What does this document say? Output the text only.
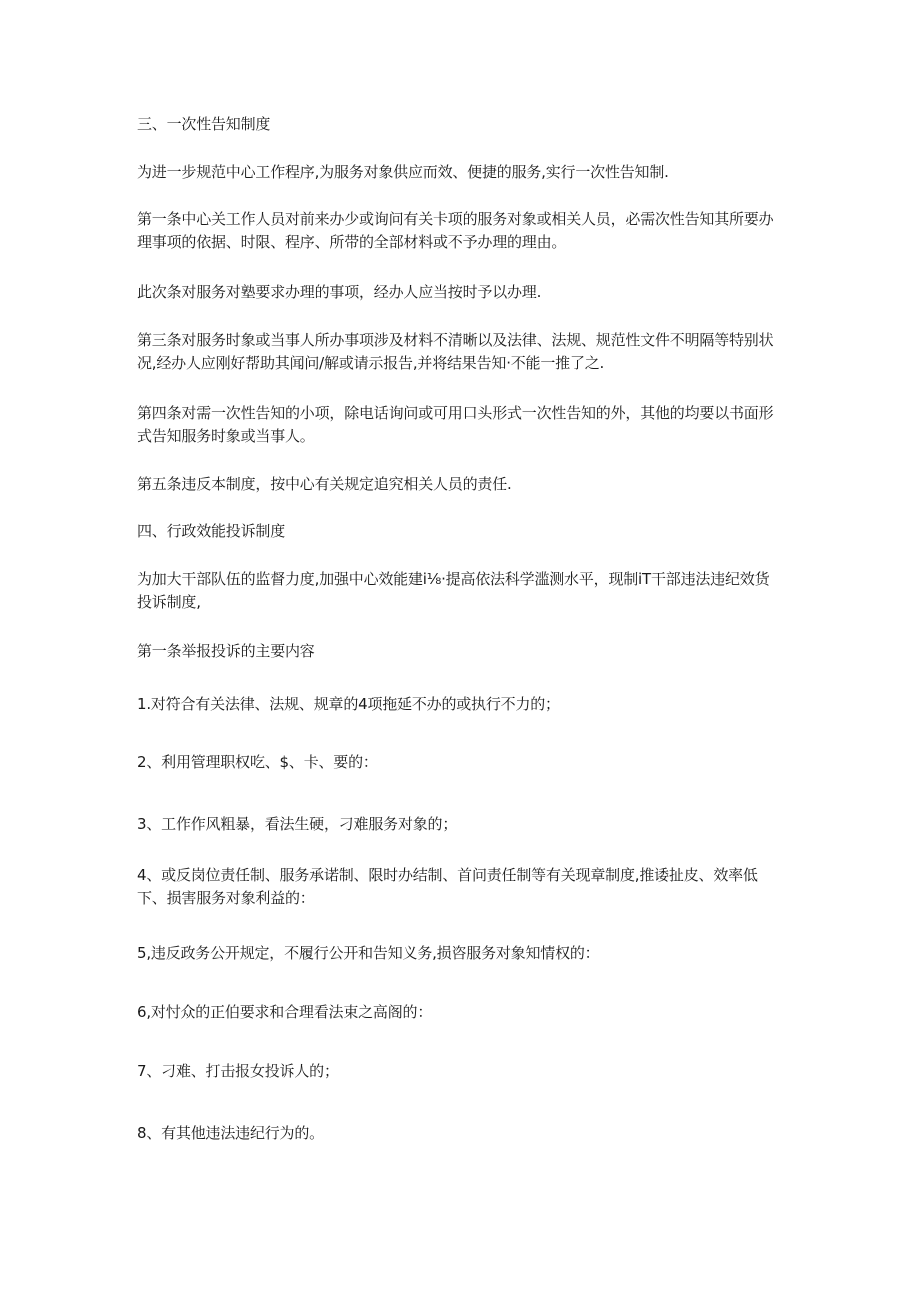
三、一次性告知制度
为进一步规范中心工作程序,为服务对象供应而效、便捷的服务,实行一次性告知制.
第一条中心关工作人员对前来办少或询问有关卡项的服务对象或相关人员，必需次性告知其所要办理事项的依据、时限、程序、所带的全部材料或不予办理的理由。
此次条对服务对塾要求办理的事项，经办人应当按时予以办理.
第三条对服务时象或当事人所办事项涉及材料不清晰以及法律、法规、规范性文件不明隔等特别状况,经办人应刚好帮助其闻问/解或请示报告,并将结果告知·不能一推了之.
第四条对需一次性告知的小项，除电话询问或可用口头形式一次性告知的外，其他的均要以书面形式告知服务时象或当事人。
第五条违反本制度，按中心有关规定追究相关人员的责任.
四、行政效能投诉制度
为加大干部队伍的监督力度,加强中心效能建i⅛·提高依法科学滥测水平，现制iT干部违法违纪效货投诉制度,
第一条举报投诉的主要内容
1.对符合有关法律、法规、规章的4项拖延不办的或执行不力的；
2、利用管理职权吃、$、卡、要的：
3、工作作风粗暴，看法生硬，刁难服务对象的；
4、或反岗位责任制、服务承诺制、限时办结制、首问责任制等有关现章制度,推诿扯皮、效率低下、损害服务对象利益的：
5,违反政务公开规定，不履行公开和告知义务,损咨服务对象知情权的：
6,对忖众的正伯要求和合理看法束之高阁的：
7、刁难、打击报女投诉人的；
8、有其他违法违纪行为的。
